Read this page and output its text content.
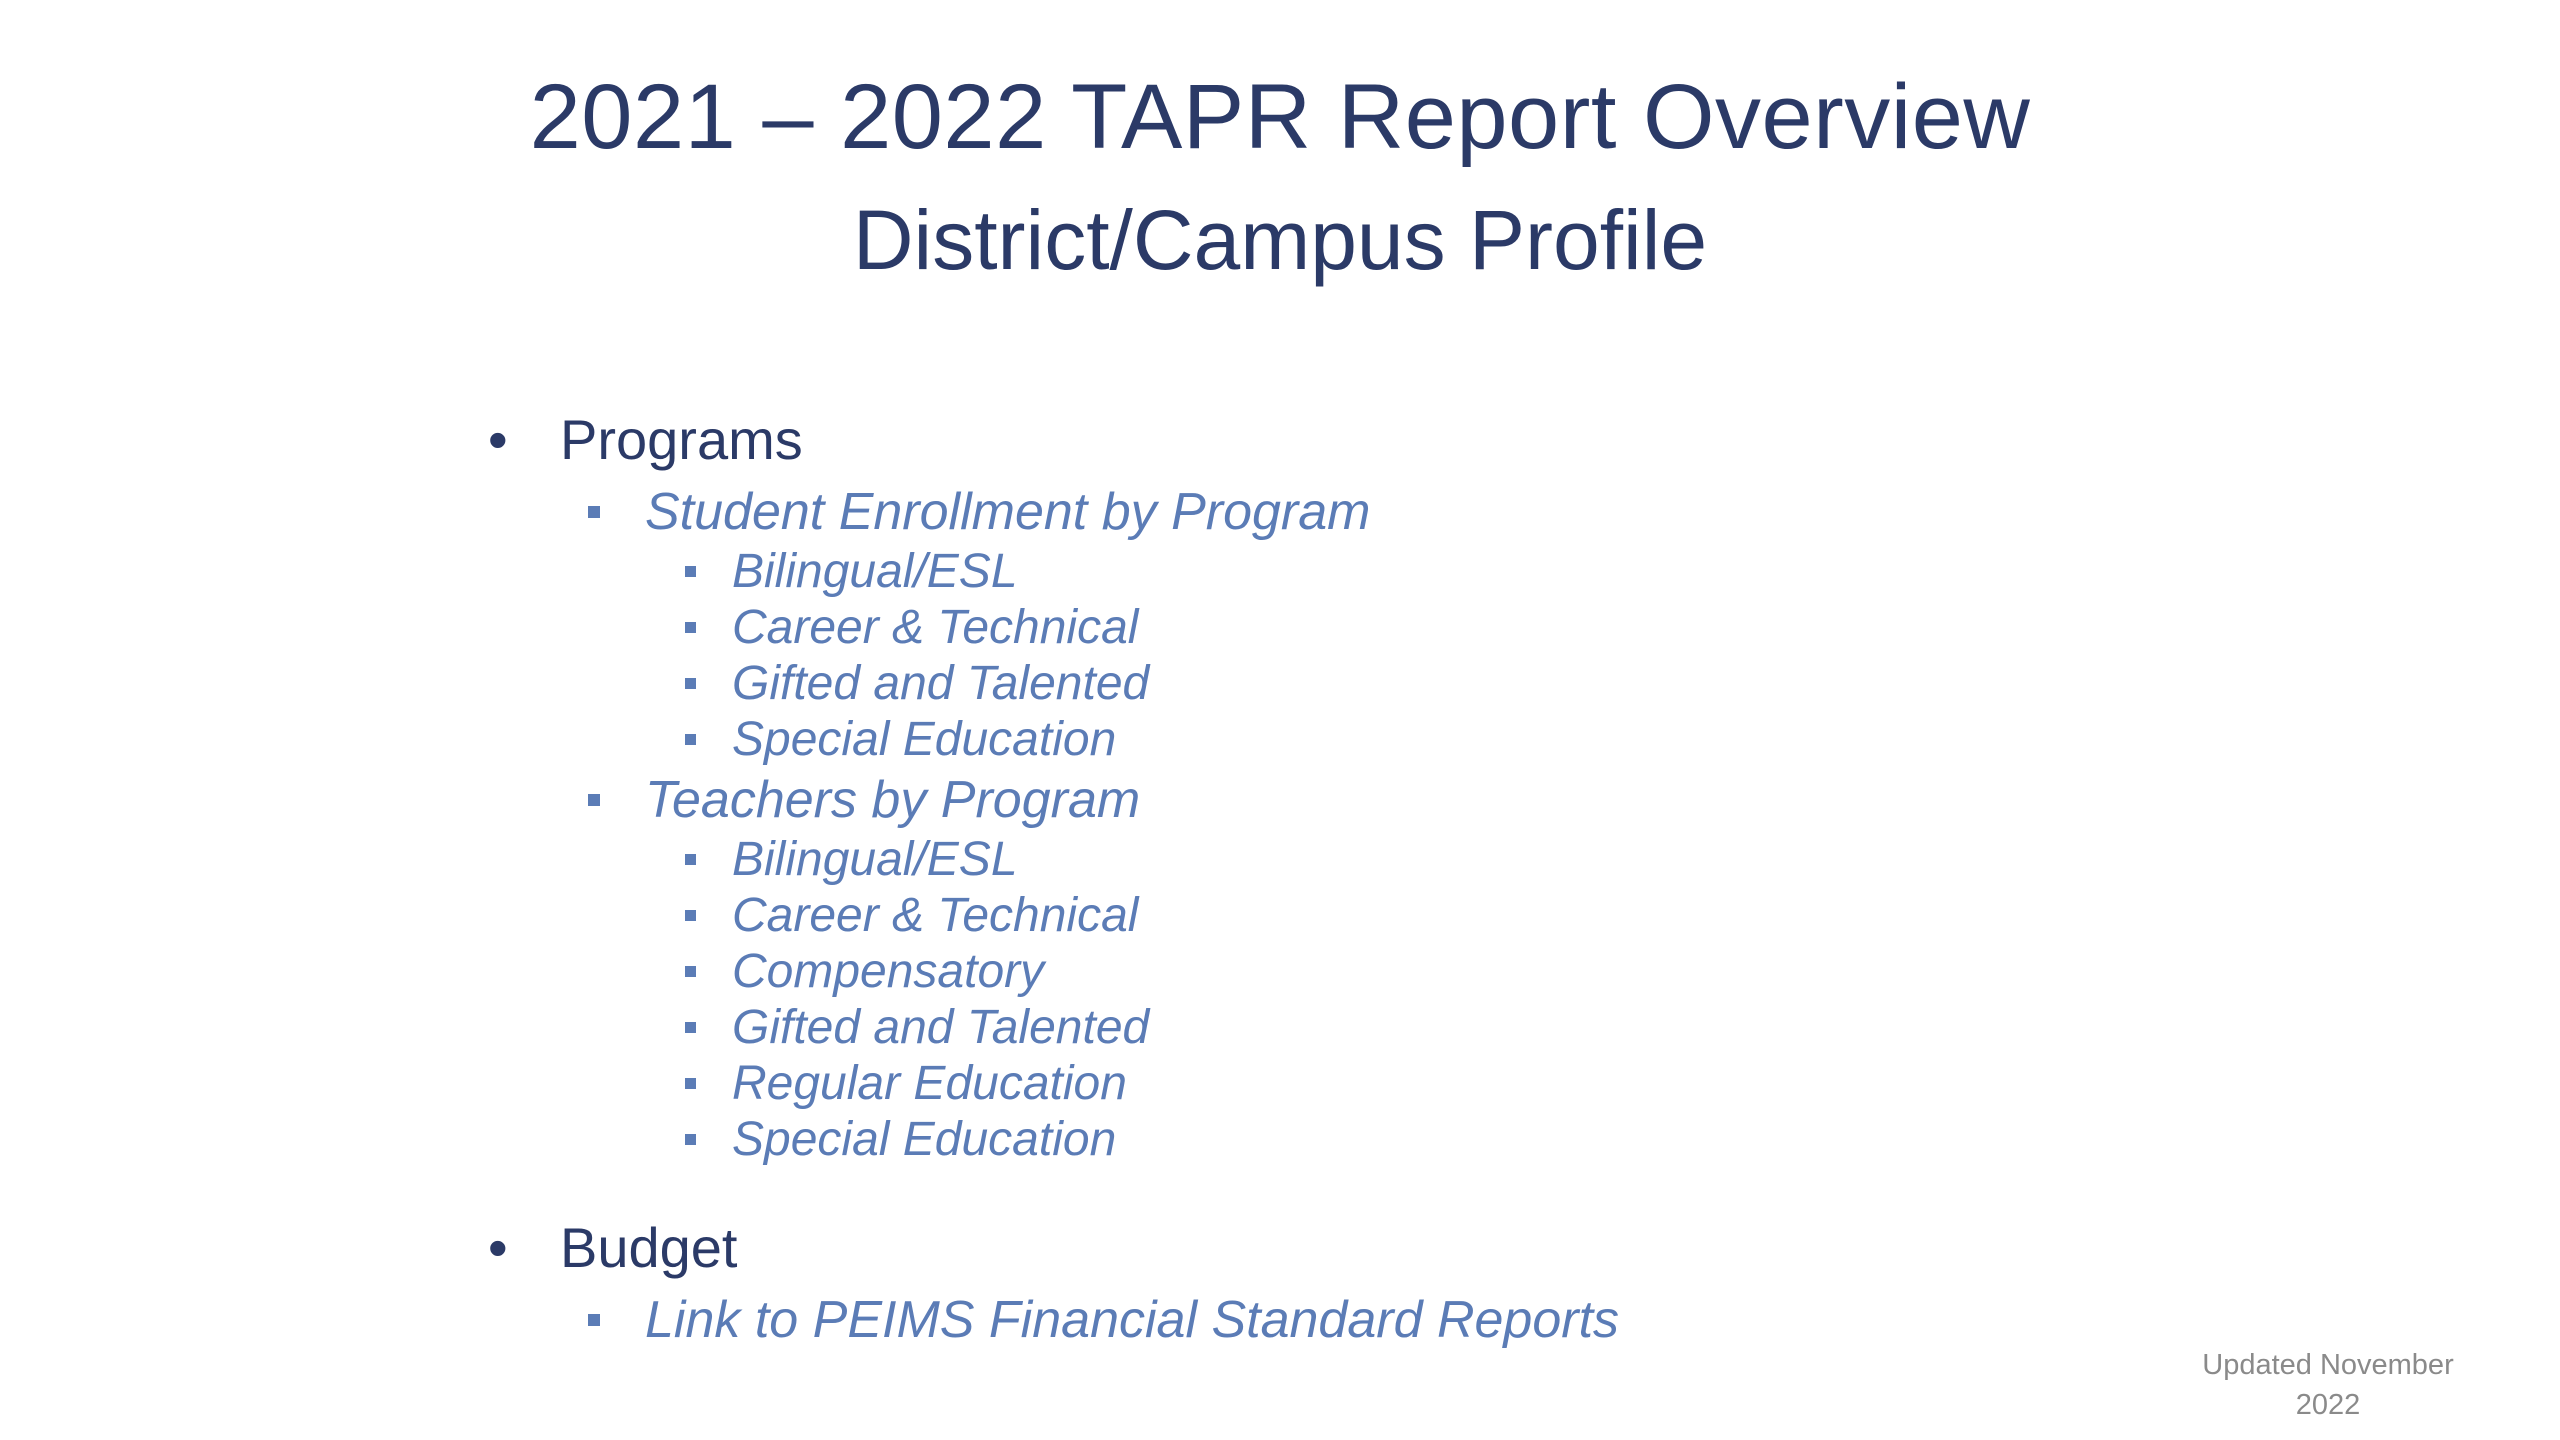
2021 – 2022 TAPR Report Overview
District/Campus Profile
• Programs
Student Enrollment by Program
Bilingual/ESL
Career & Technical
Gifted and Talented
Special Education
Teachers by Program
Bilingual/ESL
Career & Technical
Compensatory
Gifted and Talented
Regular Education
Special Education
• Budget
Link to PEIMS Financial Standard Reports
Updated November
2022
